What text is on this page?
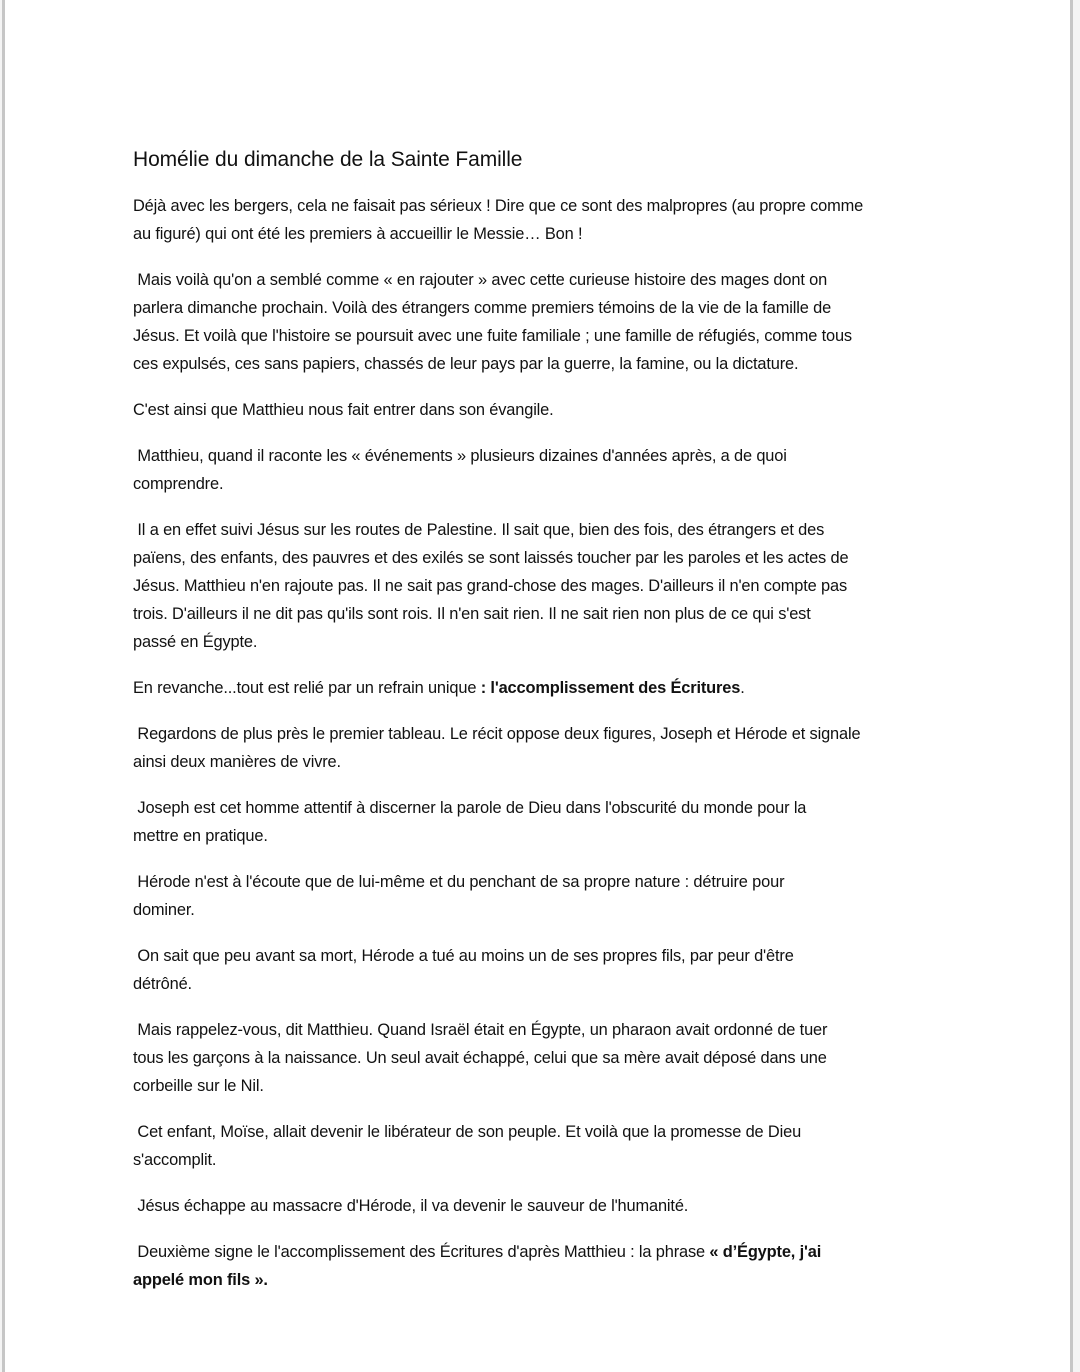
Homélie du dimanche de la Sainte Famille

Déjà avec les bergers, cela ne faisait pas sérieux ! Dire que ce sont des malpropres (au propre comme
au figuré) qui ont été les premiers à accueillir le Messie… Bon !

Mais voilà qu'on a semblé comme « en rajouter » avec cette curieuse histoire des mages dont on
parlera dimanche prochain. Voilà des étrangers comme premiers témoins de la vie de la famille de
Jésus. Et voilà que l'histoire se poursuit avec une fuite familiale ; une famille de réfugiés, comme tous
ces expulsés, ces sans papiers, chassés de leur pays par la guerre, la famine, ou la dictature.

C'est ainsi que Matthieu nous fait entrer dans son évangile.

Matthieu, quand il raconte les « événements » plusieurs dizaines d'années après, a de quoi
comprendre.

Il a en effet suivi Jésus sur les routes de Palestine. Il sait que, bien des fois, des étrangers et des
païens, des enfants, des pauvres et des exilés se sont laissés toucher par les paroles et les actes de
Jésus. Matthieu n'en rajoute pas. Il ne sait pas grand-chose des mages. D'ailleurs il n'en compte pas
trois. D'ailleurs il ne dit pas qu'ils sont rois. Il n'en sait rien. Il ne sait rien non plus de ce qui s'est
passé en Égypte.

En revanche...tout est relié par un refrain unique : l'accomplissement des Écritures.

Regardons de plus près le premier tableau. Le récit oppose deux figures, Joseph et Hérode et signale
ainsi deux manières de vivre.

Joseph est cet homme attentif à discerner la parole de Dieu dans l'obscurité du monde pour la
mettre en pratique.

Hérode n'est à l'écoute que de lui-même et du penchant de sa propre nature : détruire pour
dominer.

On sait que peu avant sa mort, Hérode a tué au moins un de ses propres fils, par peur d'être
détrôné.

Mais rappelez-vous, dit Matthieu. Quand Israël était en Égypte, un pharaon avait ordonné de tuer
tous les garçons à la naissance. Un seul avait échappé, celui que sa mère avait déposé dans une
corbeille sur le Nil.

Cet enfant, Moïse, allait devenir le libérateur de son peuple. Et voilà que la promesse de Dieu
s'accomplit.

Jésus échappe au massacre d'Hérode, il va devenir le sauveur de l'humanité.

Deuxième signe le l'accomplissement des Écritures d'après Matthieu : la phrase « d’Égypte, j'ai
appelé mon fils ».
